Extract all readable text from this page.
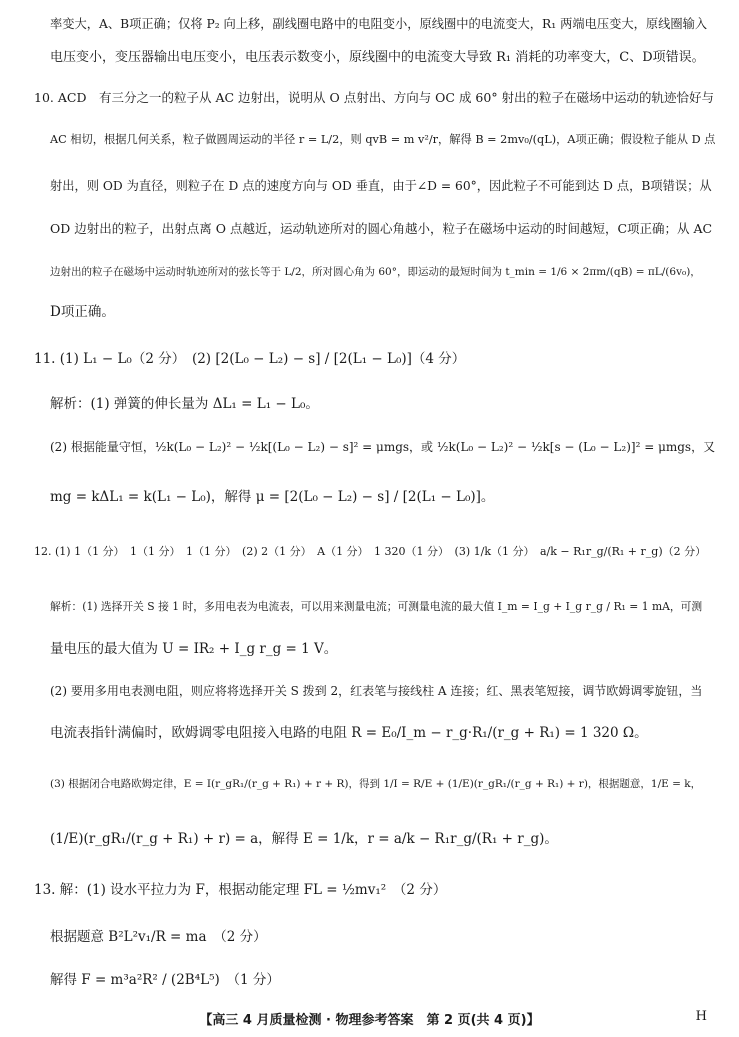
率变大，A、B项正确；仅将 P₂ 向上移，副线圈电路中的电阻变小，原线圈中的电流变大，R₁ 两端电压变大，原线圈输入
电压变小，变压器输出电压变小，电压表示数变小，原线圈中的电流变大导致 R₁ 消耗的功率变大，C、D项错误。
10. ACD　有三分之一的粒子从 AC 边射出，说明从 O 点射出、方向与 OC 成 60° 射出的粒子在磁场中运动的轨迹恰好与
AC 相切，根据几何关系，粒子做圆周运动的半径 r = L/2，则 qvB = m v²/r，解得 B = 2mv₀/(qL)，A项正确；假设粒子能从 D 点
射出，则 OD 为直径，则粒子在 D 点的速度方向与 OD 垂直，由于∠D = 60°，因此粒子不可能到达 D 点，B项错误；从
OD 边射出的粒子，出射点离 O 点越近，运动轨迹所对的圆心角越小，粒子在磁场中运动的时间越短，C项正确；从 AC
边射出的粒子在磁场中运动时轨迹所对的弦长等于 L/2，所对圆心角为 60°，即运动的最短时间为 t_min = 1/6 × 2πm/(qB) = πL/(6v₀)，
D项正确。
11. (1) L₁ − L₀（2 分）　(2) [2(L₀ − L₂) − s] / [2(L₁ − L₀)]（4 分）
解析：(1) 弹簧的伸长量为 ΔL₁ = L₁ − L₀。
(2) 根据能量守恒，½k(L₀ − L₂)² − ½k[(L₀ − L₂) − s]² = μmgs，或 ½k(L₀ − L₂)² − ½k[s − (L₀ − L₂)]² = μmgs，又
mg = kΔL₁ = k(L₁ − L₀)，解得 μ = [2(L₀ − L₂) − s] / [2(L₁ − L₀)]。
12. (1) 1（1 分）　1（1 分）　1（1 分）　(2) 2（1 分）　A（1 分）　1 320（1 分）　(3) 1/k（1 分）　a/k − R₁r_g/(R₁ + r_g)（2 分）
解析：(1) 选择开关 S 接 1 时，多用电表为电流表，可以用来测量电流；可测量电流的最大值 I_m = I_g + I_g r_g / R₁ = 1 mA，可测
量电压的最大值为 U = IR₂ + I_g r_g = 1 V。
(2) 要用多用电表测电阻，则应将将选择开关 S 拨到 2，红表笔与接线柱 A 连接；红、黑表笔短接，调节欧姆调零旋钮，当
电流表指针满偏时，欧姆调零电阻接入电路的电阻 R = E₀/I_m − r_g·R₁/(r_g + R₁) = 1 320 Ω。
(3) 根据闭合电路欧姆定律，E = I(r_gR₁/(r_g + R₁) + r + R)，得到 1/I = R/E + (1/E)(r_gR₁/(r_g + R₁) + r)，根据题意，1/E = k，
(1/E)(r_gR₁/(r_g + R₁) + r) = a，解得 E = 1/k，r = a/k − R₁r_g/(R₁ + r_g)。
13. 解：(1) 设水平拉力为 F，根据动能定理 FL = ½mv₁²　（2 分）
根据题意 B²L²v₁/R = ma　（2 分）
解得 F = m³a²R² / (2B⁴L⁵)　（1 分）
【高三 4 月质量检测 · 物理参考答案　第 2 页(共 4 页)】	H
